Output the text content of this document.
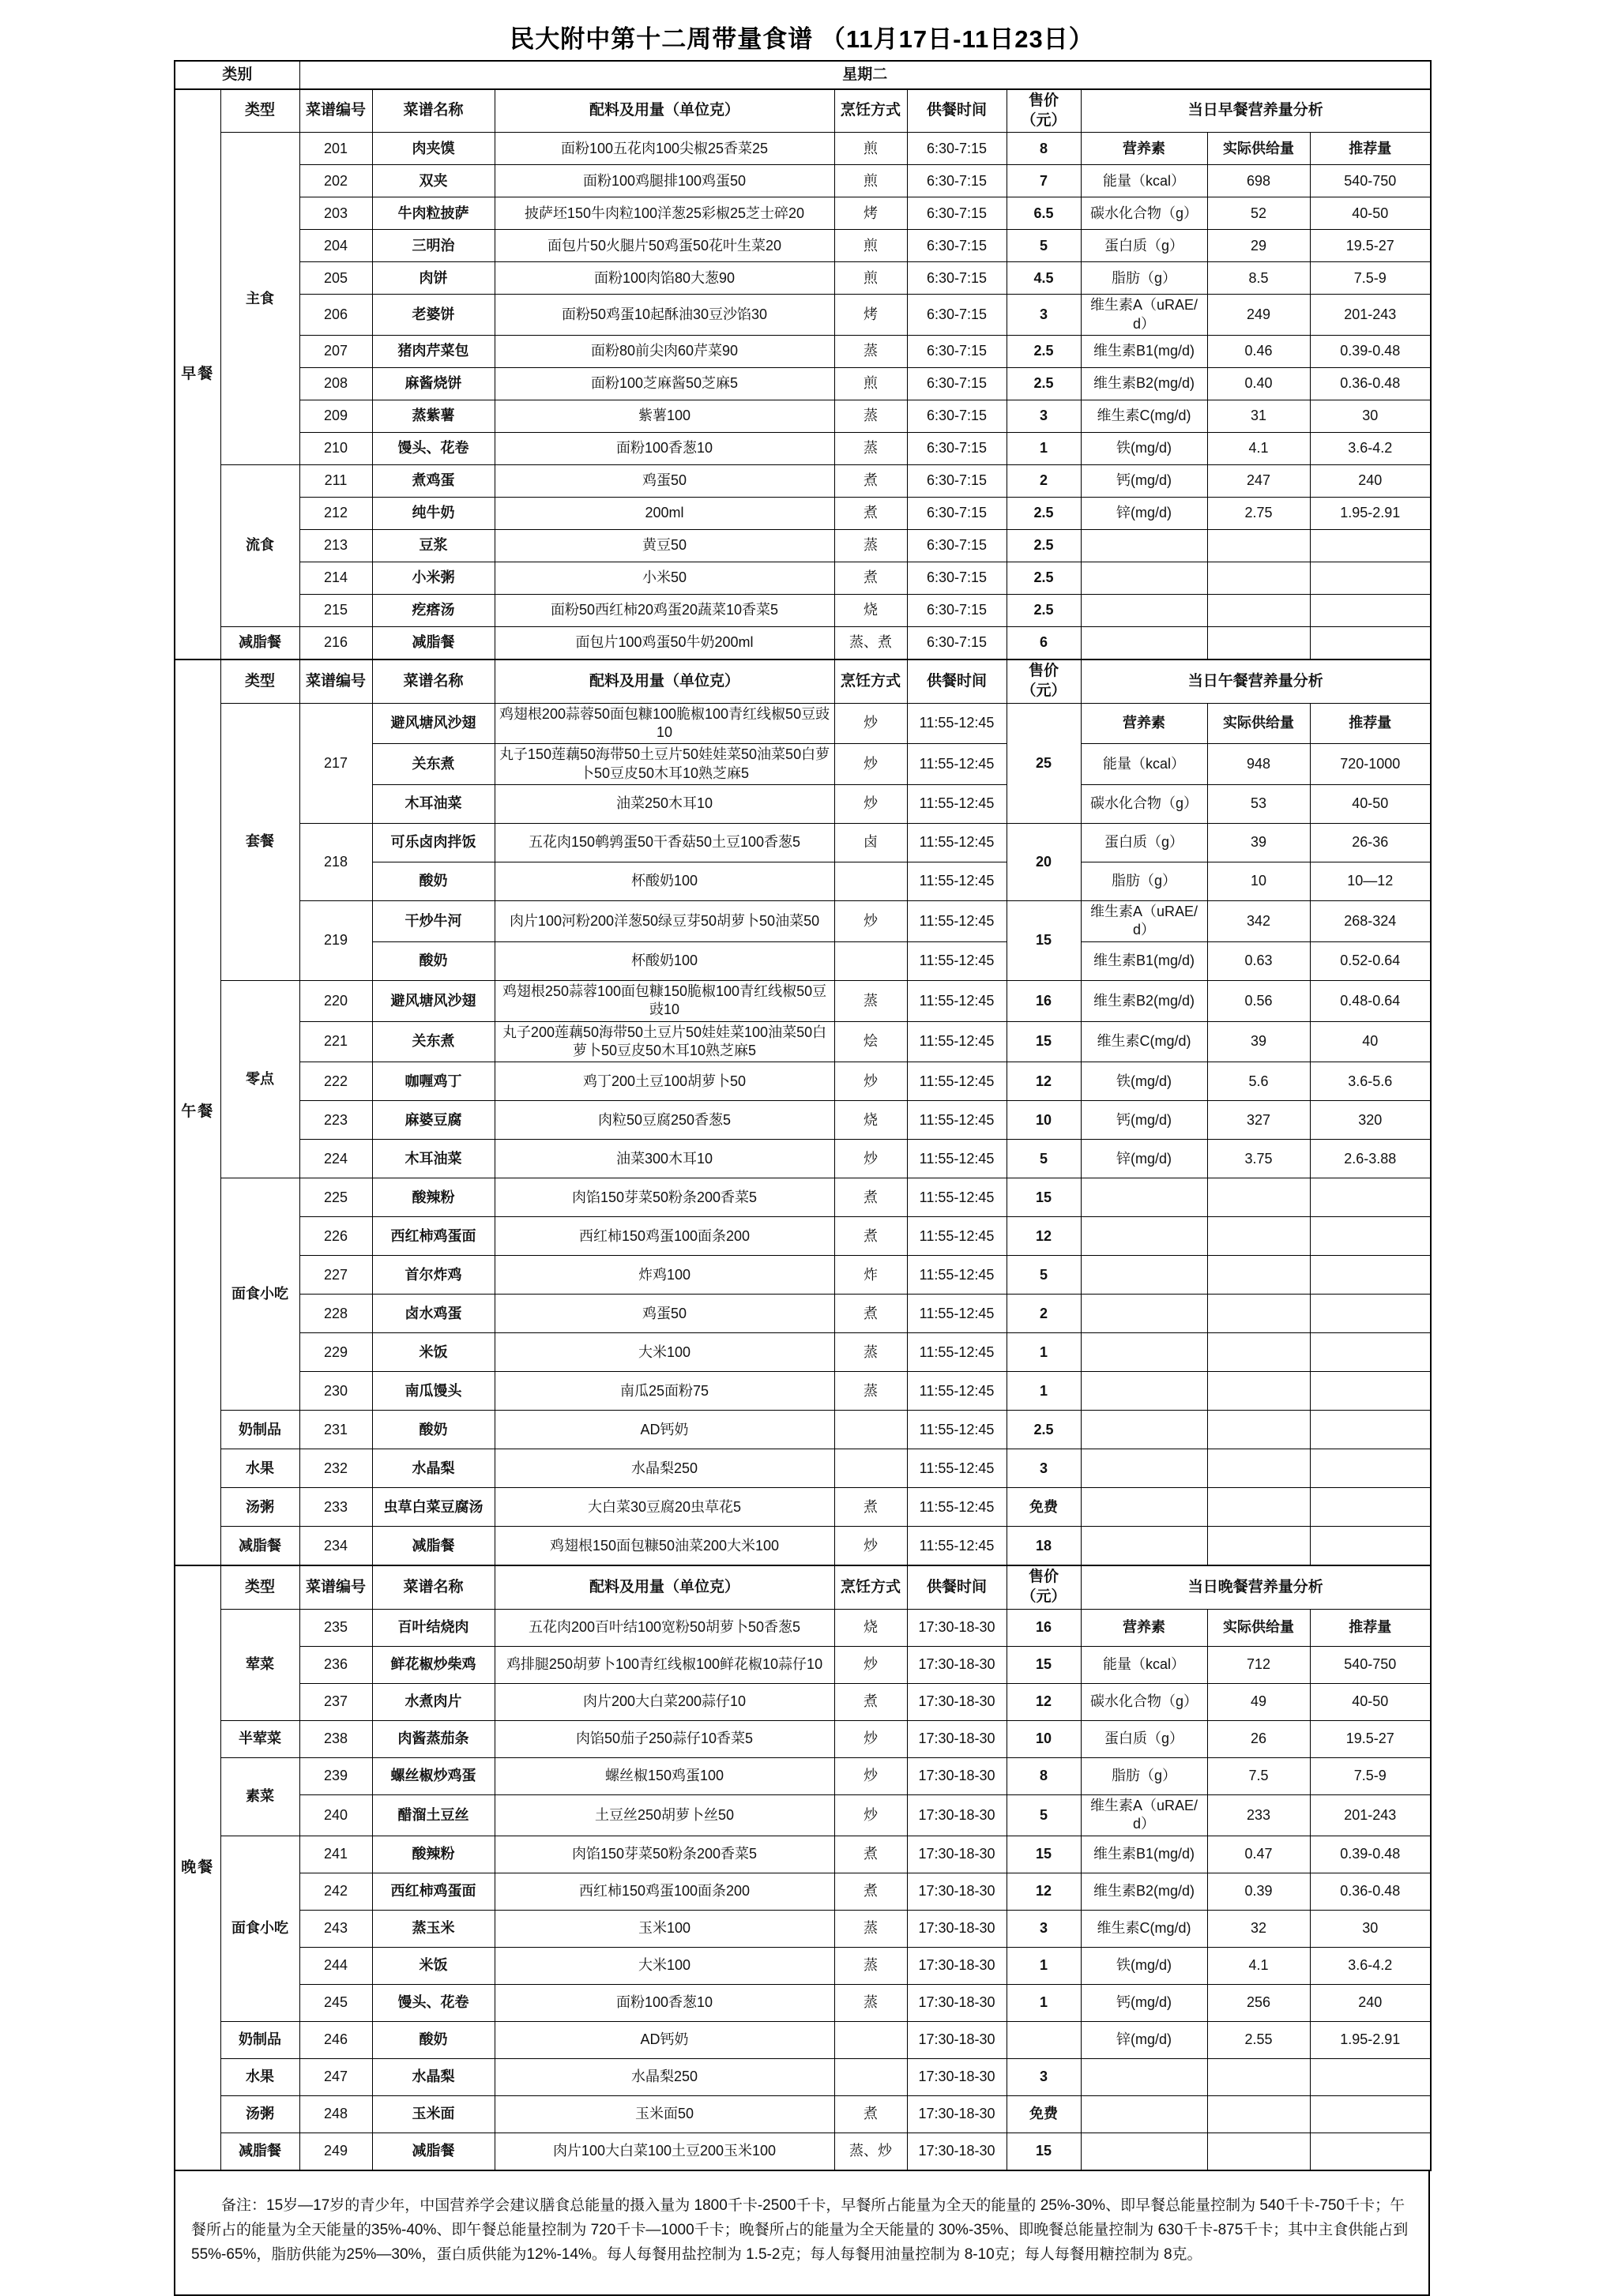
民大附中第十二周带量食谱 （11月17日-11日23日）
类别		星期二								
早餐	类型	菜谱编号	菜谱名称	配料及用量（单位克）	烹饪方式	供餐时间	售价（元）	当日早餐营养量分析		
	主食	201	肉夹馍	面粉100五花肉100尖椒25香菜25	煎	6:30-7:15	8	营养素	实际供给量	推荐量
		202	双夹	面粉100鸡腿排100鸡蛋50	煎	6:30-7:15	7	能量（kcal）	698	540-750
		203	牛肉粒披萨	披萨坯150牛肉粒100洋葱25彩椒25芝士碎20	烤	6:30-7:15	6.5	碳水化合物（g）	52	40-50
		204	三明治	面包片50火腿片50鸡蛋50花叶生菜20	煎	6:30-7:15	5	蛋白质（g）	29	19.5-27
		205	肉饼	面粉100肉馅80大葱90	煎	6:30-7:15	4.5	脂肪（g）	8.5	7.5-9
		206	老婆饼	面粉50鸡蛋10起酥油30豆沙馅30	烤	6:30-7:15	3	维生素A（uRAE/d）	249	201-243
		207	猪肉芹菜包	面粉80前尖肉60芹菜90	蒸	6:30-7:15	2.5	维生素B1(mg/d)	0.46	0.39-0.48
		208	麻酱烧饼	面粉100芝麻酱50芝麻5	煎	6:30-7:15	2.5	维生素B2(mg/d)	0.40	0.36-0.48
		209	蒸紫薯	紫薯100	蒸	6:30-7:15	3	维生素C(mg/d)	31	30
		210	馒头、花卷	面粉100香葱10	蒸	6:30-7:15	1	铁(mg/d)	4.1	3.6-4.2
	流食	211	煮鸡蛋	鸡蛋50	煮	6:30-7:15	2	钙(mg/d)	247	240
		212	纯牛奶	200ml	煮	6:30-7:15	2.5	锌(mg/d)	2.75	1.95-2.91
		213	豆浆	黄豆50	蒸	6:30-7:15	2.5			
		214	小米粥	小米50	煮	6:30-7:15	2.5			
		215	疙瘩汤	面粉50西红柿20鸡蛋20蔬菜10香菜5	烧	6:30-7:15	2.5			
	减脂餐	216	减脂餐	面包片100鸡蛋50牛奶200ml	蒸、煮	6:30-7:15	6			
午餐	类型	菜谱编号	菜谱名称	配料及用量（单位克）	烹饪方式	供餐时间	售价（元）	当日午餐营养量分析		
	套餐	217	避风塘风沙翅	鸡翅根200蒜蓉50面包糠100脆椒100青红线椒50豆豉10	炒	11:55-12:45	25	营养素	实际供给量	推荐量
			关东煮	丸子150莲藕50海带50土豆片50娃娃菜50油菜50白萝卜50豆皮50木耳10熟芝麻5	炒	11:55-12:45		能量（kcal）	948	720-1000
			木耳油菜	油菜250木耳10	炒	11:55-12:45		碳水化合物（g）	53	40-50
		218	可乐卤肉拌饭	五花肉150鹌鹑蛋50干香菇50土豆100香葱5	卤	11:55-12:45	20	蛋白质（g）	39	26-36
			酸奶	杯酸奶100		11:55-12:45		脂肪（g）	10	10—12
		219	干炒牛河	肉片100河粉200洋葱50绿豆芽50胡萝卜50油菜50	炒	11:55-12:45	15	维生素A（uRAE/d）	342	268-324
			酸奶	杯酸奶100		11:55-12:45		维生素B1(mg/d)	0.63	0.52-0.64
	零点	220	避风塘风沙翅	鸡翅根250蒜蓉100面包糠150脆椒100青红线椒50豆豉10	蒸	11:55-12:45	16	维生素B2(mg/d)	0.56	0.48-0.64
		221	关东煮	丸子200莲藕50海带50土豆片50娃娃菜100油菜50白萝卜50豆皮50木耳10熟芝麻5	烩	11:55-12:45	15	维生素C(mg/d)	39	40
		222	咖喱鸡丁	鸡丁200土豆100胡萝卜50	炒	11:55-12:45	12	铁(mg/d)	5.6	3.6-5.6
		223	麻婆豆腐	肉粒50豆腐250香葱5	烧	11:55-12:45	10	钙(mg/d)	327	320
		224	木耳油菜	油菜300木耳10	炒	11:55-12:45	5	锌(mg/d)	3.75	2.6-3.88
	面食小吃	225	酸辣粉	肉馅150芽菜50粉条200香菜5	煮	11:55-12:45	15			
		226	西红柿鸡蛋面	西红柿150鸡蛋100面条200	煮	11:55-12:45	12			
		227	首尔炸鸡	炸鸡100	炸	11:55-12:45	5			
		228	卤水鸡蛋	鸡蛋50	煮	11:55-12:45	2			
		229	米饭	大米100	蒸	11:55-12:45	1			
		230	南瓜馒头	南瓜25面粉75	蒸	11:55-12:45	1			
	奶制品	231	酸奶	AD钙奶		11:55-12:45	2.5			
	水果	232	水晶梨	水晶梨250		11:55-12:45	3			
	汤粥	233	虫草白菜豆腐汤	大白菜30豆腐20虫草花5	煮	11:55-12:45	免费			
	减脂餐	234	减脂餐	鸡翅根150面包糠50油菜200大米100	炒	11:55-12:45	18			
晚餐	类型	菜谱编号	菜谱名称	配料及用量（单位克）	烹饪方式	供餐时间	售价（元）	当日晚餐营养量分析		
	荤菜	235	百叶结烧肉	五花肉200百叶结100宽粉50胡萝卜50香葱5	烧	17:30-18-30	16	营养素	实际供给量	推荐量
		236	鲜花椒炒柴鸡	鸡排腿250胡萝卜100青红线椒100鲜花椒10蒜仔10	炒	17:30-18-30	15	能量（kcal）	712	540-750
		237	水煮肉片	肉片200大白菜200蒜仔10	煮	17:30-18-30	12	碳水化合物（g）	49	40-50
	半荤菜	238	肉酱蒸茄条	肉馅50茄子250蒜仔10香菜5	炒	17:30-18-30	10	蛋白质（g）	26	19.5-27
	素菜	239	螺丝椒炒鸡蛋	螺丝椒150鸡蛋100	炒	17:30-18-30	8	脂肪（g）	7.5	7.5-9
		240	醋溜土豆丝	土豆丝250胡萝卜丝50	炒	17:30-18-30	5	维生素A（uRAE/d）	233	201-243
	面食小吃	241	酸辣粉	肉馅150芽菜50粉条200香菜5	煮	17:30-18-30	15	维生素B1(mg/d)	0.47	0.39-0.48
		242	西红柿鸡蛋面	西红柿150鸡蛋100面条200	煮	17:30-18-30	12	维生素B2(mg/d)	0.39	0.36-0.48
		243	蒸玉米	玉米100	蒸	17:30-18-30	3	维生素C(mg/d)	32	30
		244	米饭	大米100	蒸	17:30-18-30	1	铁(mg/d)	4.1	3.6-4.2
		245	馒头、花卷	面粉100香葱10	蒸	17:30-18-30	1	钙(mg/d)	256	240
	奶制品	246	酸奶	AD钙奶		17:30-18-30		锌(mg/d)	2.55	1.95-2.91
	水果	247	水晶梨	水晶梨250		17:30-18-30	3			
	汤粥	248	玉米面	玉米面50	煮	17:30-18-30	免费			
	减脂餐	249	减脂餐	肉片100大白菜100土豆200玉米100	蒸、炒	17:30-18-30	15			
备注：15岁—17岁的青少年，中国营养学会建议膳食总能量的摄入量为 1800千卡-2500千卡，早餐所占能量为全天的能量的 25%-30%、即早餐总能量控制为 540千卡-750千卡；午餐所占的能量为全天能量的35%-40%、即午餐总能量控制为 720千卡—1000千卡；晚餐所占的能量为全天能量的 30%-35%、即晚餐总能量控制为 630千卡-875千卡；其中主食供能占到 55%-65%，脂肪供能为25%—30%，蛋白质供能为12%-14%。每人每餐用盐控制为 1.5-2克；每人每餐用油量控制为 8-10克；每人每餐用糖控制为 8克。
